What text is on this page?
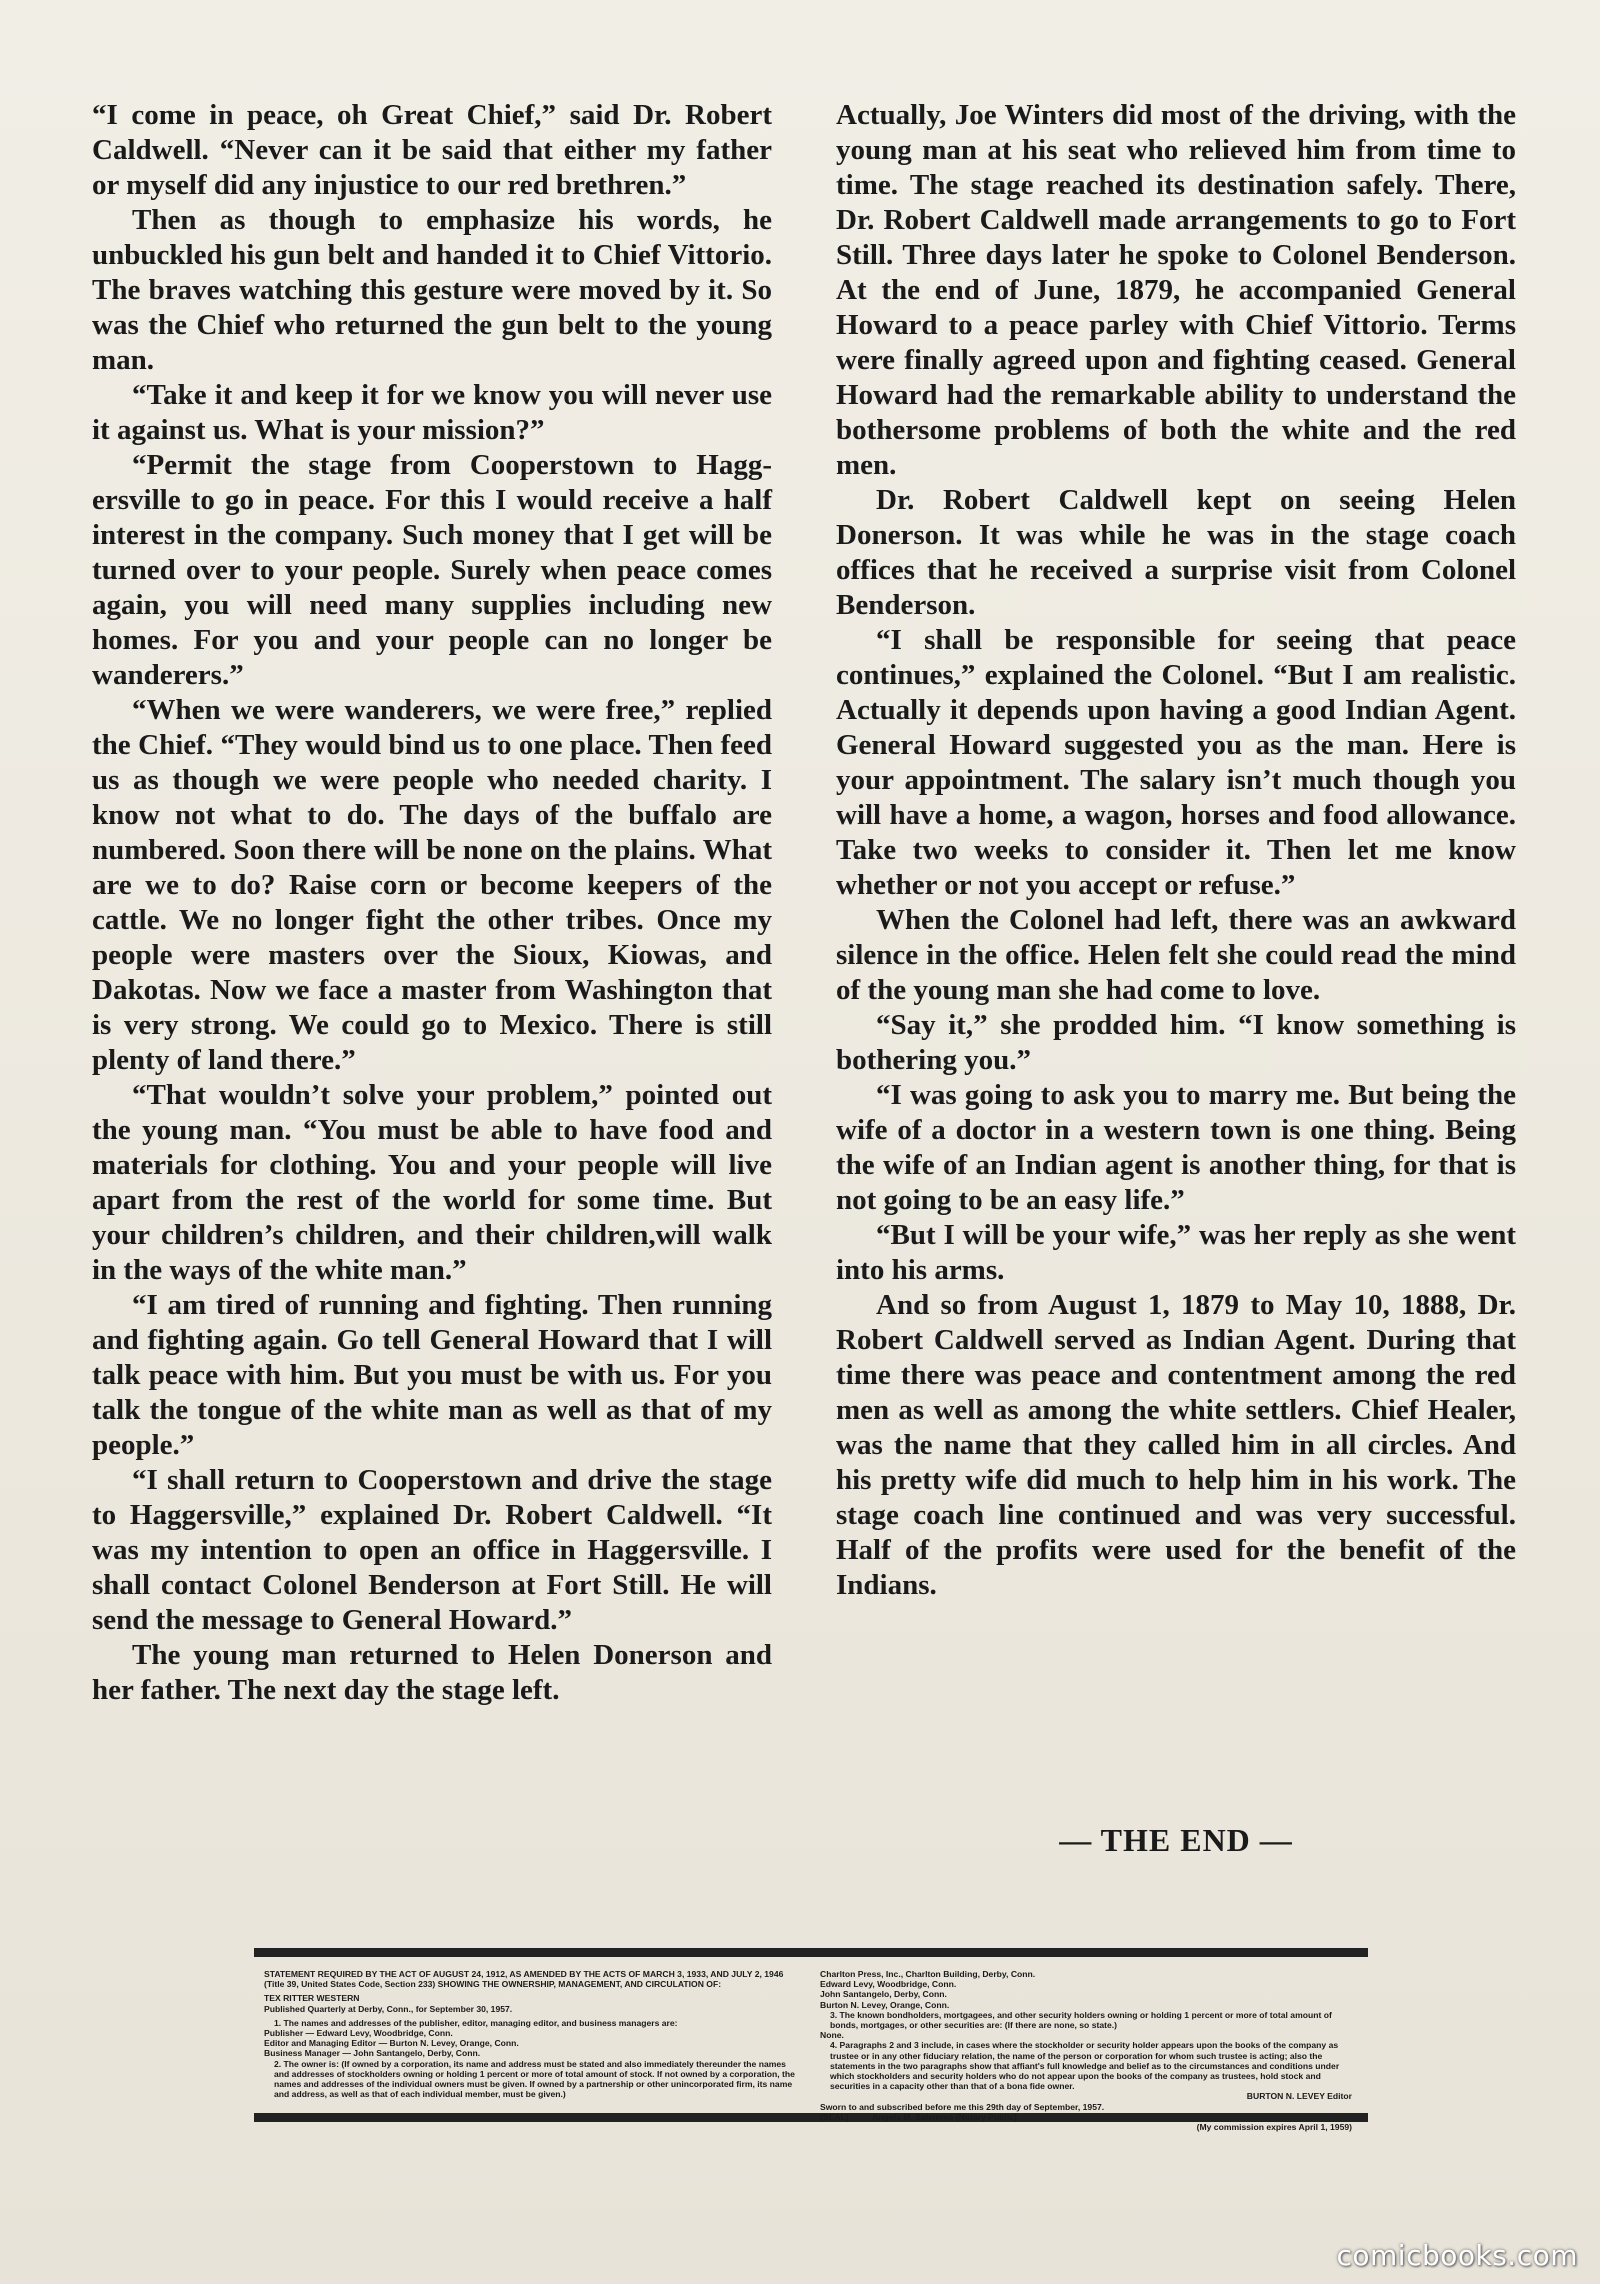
“I come in peace, oh Great Chief,” said Dr. Robert Caldwell. “Never can it be said that either my father or myself did any injustice to our red brethren.”

Then as though to emphasize his words, he unbuckled his gun belt and handed it to Chief Vittorio. The braves watching this gesture were moved by it. So was the Chief who returned the gun belt to the young man.

“Take it and keep it for we know you will never use it against us. What is your mission?”

“Permit the stage from Cooperstown to Haggersville to go in peace. For this I would receive a half interest in the company. Such money that I get will be turned over to your people. Surely when peace comes again, you will need many supplies including new homes. For you and your people can no longer be wanderers.”

“When we were wanderers, we were free,” replied the Chief. “They would bind us to one place. Then feed us as though we were people who needed charity. I know not what to do. The days of the buffalo are numbered. Soon there will be none on the plains. What are we to do? Raise corn or become keepers of the cattle. We no longer fight the other tribes. Once my people were masters over the Sioux, Kiowas, and Dakotas. Now we face a master from Washington that is very strong. We could go to Mexico. There is still plenty of land there.”

“That wouldn’t solve your problem,” pointed out the young man. “You must be able to have food and materials for clothing. You and your people will live apart from the rest of the world for some time. But your children’s children, and their children,will walk in the ways of the white man.”

“I am tired of running and fighting. Then running and fighting again. Go tell General Howard that I will talk peace with him. But you must be with us. For you talk the tongue of the white man as well as that of my people.”

“I shall return to Cooperstown and drive the stage to Haggersville,” explained Dr. Robert Caldwell. “It was my intention to open an office in Haggersville. I shall contact Colonel Benderson at Fort Still. He will send the message to General Howard.”

The young man returned to Helen Donerson and her father. The next day the stage left.

Actually, Joe Winters did most of the driving, with the young man at his seat who relieved him from time to time. The stage reached its destination safely. There, Dr. Robert Caldwell made arrangements to go to Fort Still. Three days later he spoke to Colonel Benderson. At the end of June, 1879, he accompanied General Howard to a peace parley with Chief Vittorio. Terms were finally agreed upon and fighting ceased. General Howard had the remarkable ability to understand the bothersome problems of both the white and the red men.

Dr. Robert Caldwell kept on seeing Helen Donerson. It was while he was in the stage coach offices that he received a surprise visit from Colonel Benderson.

“I shall be responsible for seeing that peace continues,” explained the Colonel. “But I am realistic. Actually it depends upon having a good Indian Agent. General Howard suggested you as the man. Here is your appointment. The salary isn’t much though you will have a home, a wagon, horses and food allowance. Take two weeks to consider it. Then let me know whether or not you accept or refuse.”

When the Colonel had left, there was an awkward silence in the office. Helen felt she could read the mind of the young man she had come to love.

“Say it,” she prodded him. “I know something is bothering you.”

“I was going to ask you to marry me. But being the wife of a doctor in a western town is one thing. Being the wife of an Indian agent is another thing, for that is not going to be an easy life.”

“But I will be your wife,” was her reply as she went into his arms.

And so from August 1, 1879 to May 10, 1888, Dr. Robert Caldwell served as Indian Agent. During that time there was peace and contentment among the red men as well as among the white settlers. Chief Healer, was the name that they called him in all circles. And his pretty wife did much to help him in his work. The stage coach line continued and was very successful. Half of the profits were used for the benefit of the Indians.

— THE END —
STATEMENT REQUIRED BY THE ACT OF AUGUST 24, 1912, AS AMENDED BY THE ACTS OF MARCH 3, 1933, AND JULY 2, 1946 (Title 39, United States Code, Section 233) SHOWING THE OWNERSHIP, MANAGEMENT, AND CIRCULATION OF:
TEX RITTER WESTERN
Published Quarterly at Derby, Conn., for September 30, 1957.
1. The names and addresses of the publisher, editor, managing editor, and business managers are:
Publisher — Edward Levy, Woodbridge, Conn.
Editor and Managing Editor — Burton N. Levey, Orange, Conn.
Business Manager — John Santangelo, Derby, Conn.
2. The owner is: (If owned by a corporation, its name and address must be stated and also immediately thereunder the names and addresses of stockholders owning or holding 1 percent or more of total amount of stock. If not owned by a corporation, the names and addresses of the individual owners must be given. If owned by a partnership or other unincorporated firm, its name and address, as well as that of each individual member, must be given.)
Charlton Press, Inc., Charlton Building, Derby, Conn.
Edward Levy, Woodbridge, Conn.
John Santangelo, Derby, Conn.
Burton N. Levey, Orange, Conn.
3. The known bondholders, mortgagees, and other security holders owning or holding 1 percent or more of total amount of bonds, mortgages, or other securities are: (If there are none, so state.)
None.
4. Paragraphs 2 and 3 include, in cases where the stockholder or security holder appears upon the books of the company as trustee or in any other fiduciary relation, the name of the person or corporation for whom such trustee is acting; also the statements in the two paragraphs show that affiant's full knowledge and belief as to the circumstances and conditions under which stockholders and security holders who do not appear upon the books of the company as trustees, hold stock and securities in a capacity other than that of a bona fide owner.
BURTON N. LEVEY Editor
Sworn to and subscribed before me this 29th day of September, 1957.
(SEAL)          Angela M. Salemmo (Notary Public)
(My commission expires April 1, 1959)
comicbooks.com
